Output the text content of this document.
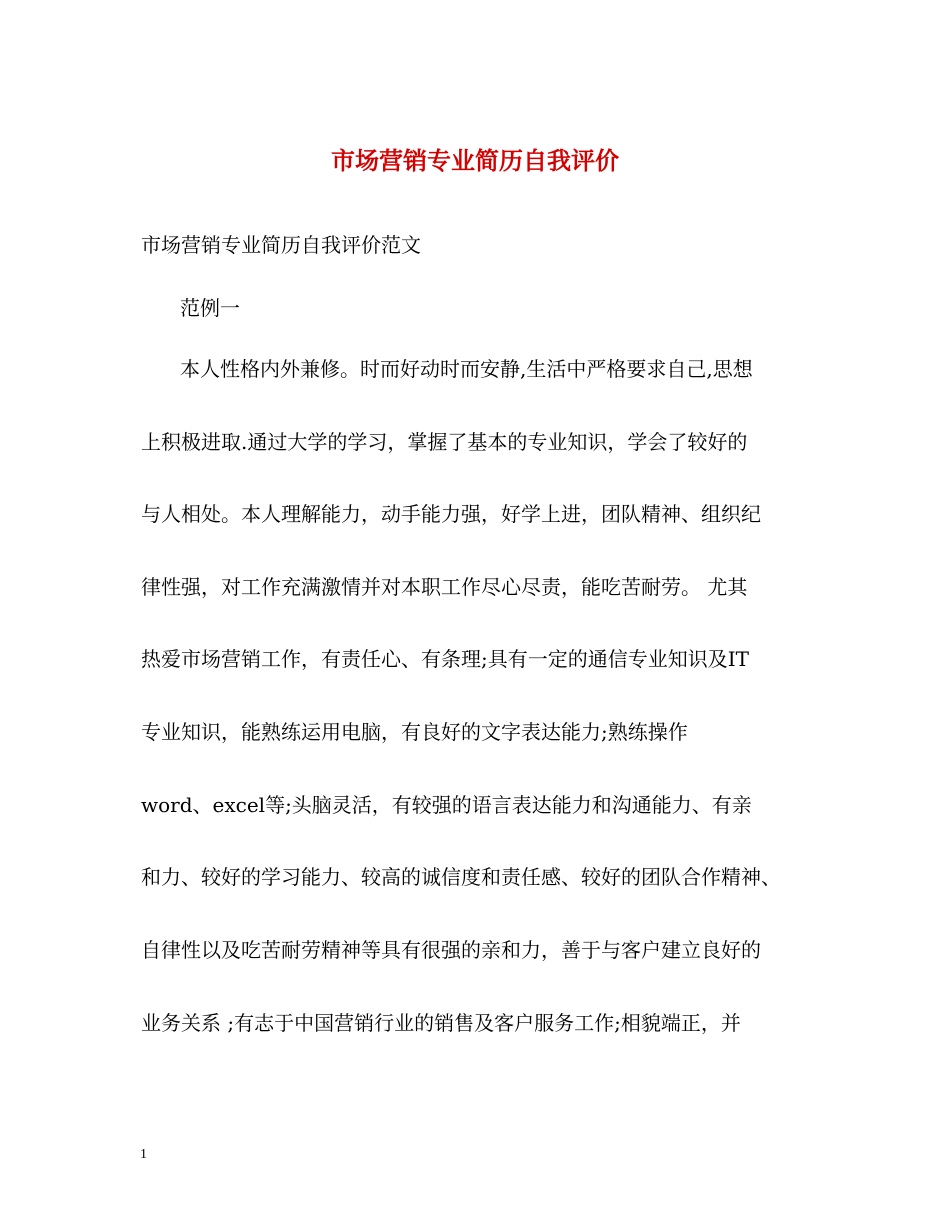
市场营销专业简历自我评价
市场营销专业简历自我评价范文
范例一
本人性格内外兼修。时而好动时而安静,生活中严格要求自己,思想
上积极进取.通过大学的学习，掌握了基本的专业知识，学会了较好的
与人相处。本人理解能力，动手能力强，好学上进，团队精神、组织纪
律性强，对工作充满激情并对本职工作尽心尽责，能吃苦耐劳。 尤其
热爱市场营销工作，有责任心、有条理;具有一定的通信专业知识及IT
专业知识，能熟练运用电脑，有良好的文字表达能力;熟练操作
word、excel等;头脑灵活，有较强的语言表达能力和沟通能力、有亲
和力、较好的学习能力、较高的诚信度和责任感、较好的团队合作精神、
自律性以及吃苦耐劳精神等具有很强的亲和力，善于与客户建立良好的
业务关系 ;有志于中国营销行业的销售及客户服务工作;相貌端正，并
1
